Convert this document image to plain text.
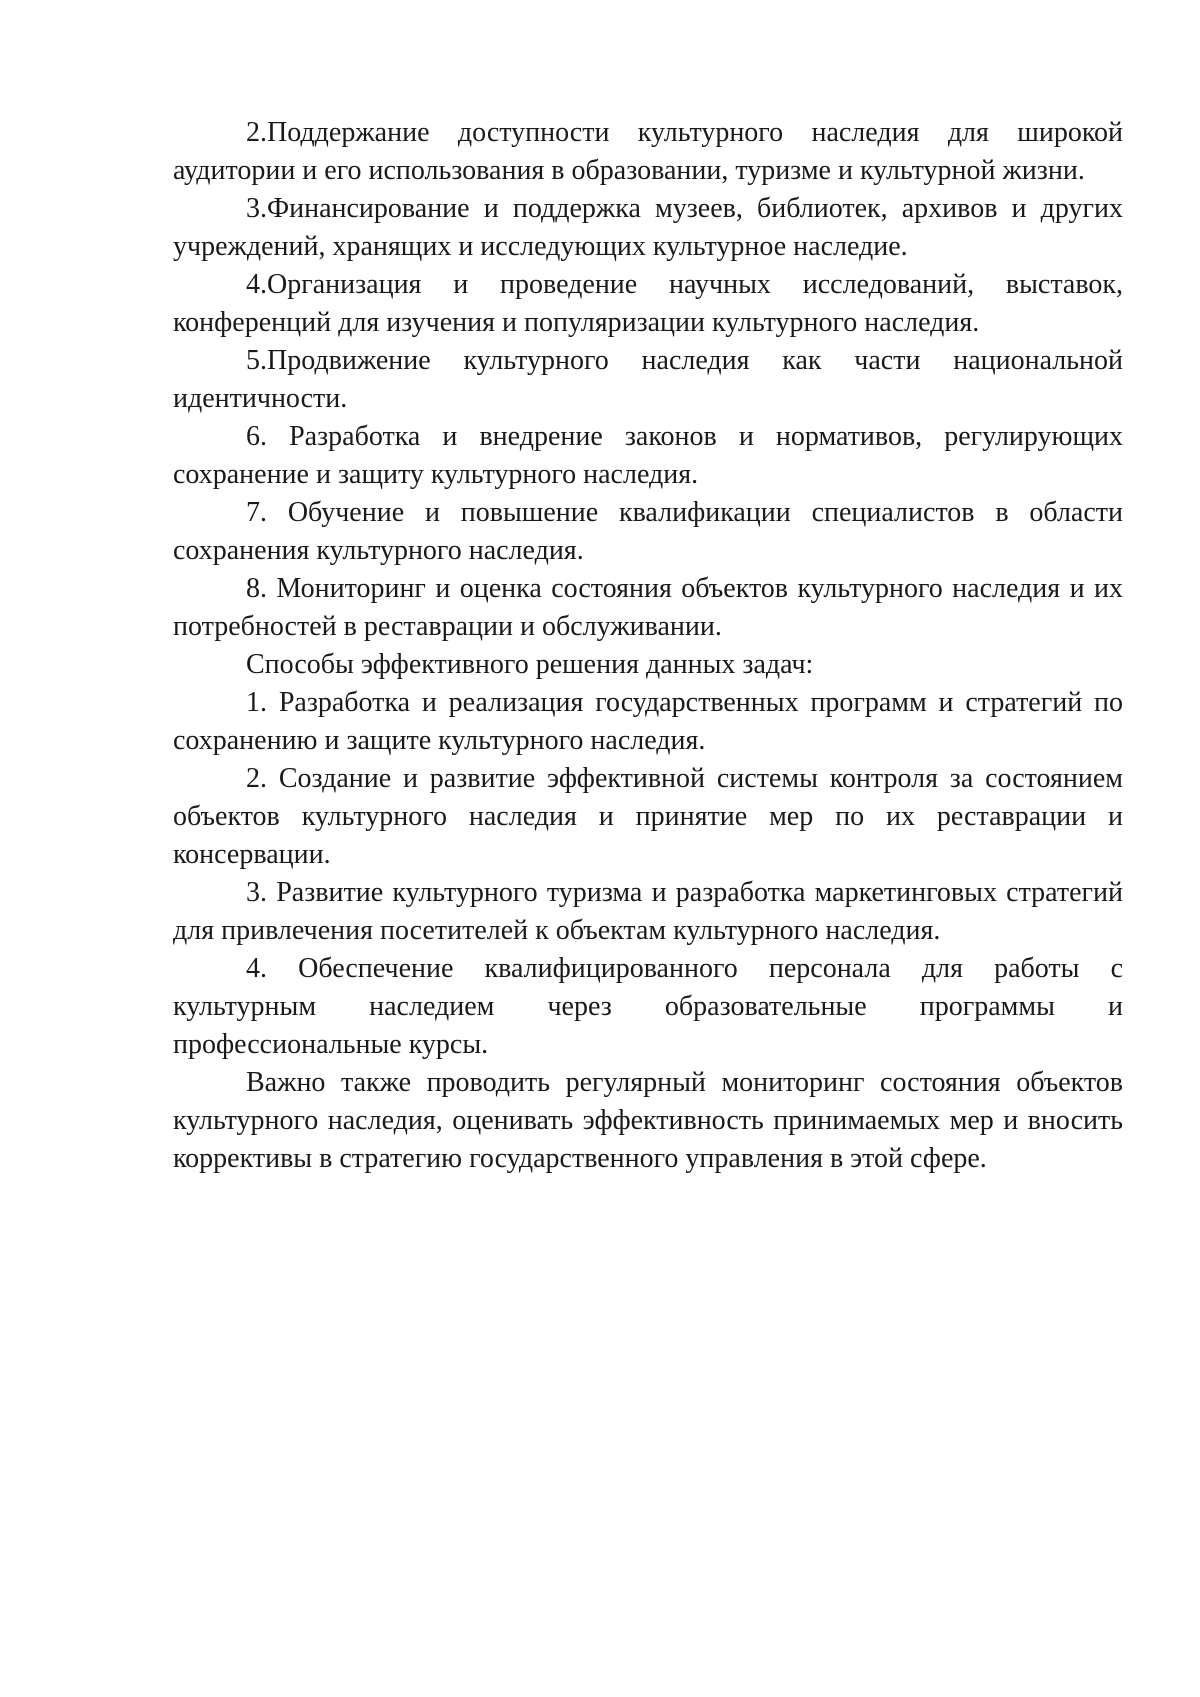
2.Поддержание доступности культурного наследия для широкой аудитории и его использования в образовании, туризме и культурной жизни.

3.Финансирование и поддержка музеев, библиотек, архивов и других учреждений, хранящих и исследующих культурное наследие.

4.Организация и проведение научных исследований, выставок, конференций для изучения и популяризации культурного наследия.

5.Продвижение культурного наследия как части национальной идентичности.

6. Разработка и внедрение законов и нормативов, регулирующих сохранение и защиту культурного наследия.

7. Обучение и повышение квалификации специалистов в области сохранения культурного наследия.

8. Мониторинг и оценка состояния объектов культурного наследия и их потребностей в реставрации и обслуживании.

Способы эффективного решения данных задач:

1. Разработка и реализация государственных программ и стратегий по сохранению и защите культурного наследия.

2. Создание и развитие эффективной системы контроля за состоянием объектов культурного наследия и принятие мер по их реставрации и консервации.

3. Развитие культурного туризма и разработка маркетинговых стратегий для привлечения посетителей к объектам культурного наследия.

4. Обеспечение квалифицированного персонала для работы с культурным наследием через образовательные программы и профессиональные курсы.

Важно также проводить регулярный мониторинг состояния объектов культурного наследия, оценивать эффективность принимаемых мер и вносить коррективы в стратегию государственного управления в этой сфере.
